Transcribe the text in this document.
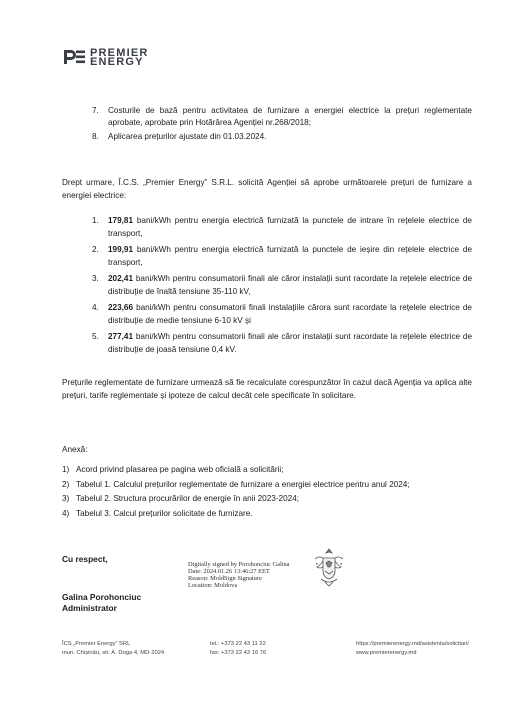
PREMIER
ENERGY
7. Costurile de bază pentru activitatea de furnizare a energiei electrice la prețuri reglementate aprobate, aprobate prin Hotărârea Agenției nr.268/2018;
8. Aplicarea prețurilor ajustate din 01.03.2024.
Drept urmare, Î.C.S. „Premier Energy” S.R.L. solicită Agenției să aprobe următoarele prețuri de furnizare a energiei electrice:
1. 179,81 bani/kWh pentru energia electrică furnizată la punctele de intrare în rețelele electrice de transport,
2. 199,91 bani/kWh pentru energia electrică furnizată la punctele de ieșire din rețelele electrice de transport,
3. 202,41 bani/kWh pentru consumatorii finali ale căror instalații sunt racordate la rețelele electrice de distribuție de înaltă tensiune 35-110 kV,
4. 223,66 bani/kWh pentru consumatorii finali instalațiile cărora sunt racordate la rețelele electrice de distribuție de medie tensiune 6-10 kV și
5. 277,41 bani/kWh pentru consumatorii finali ale căror instalații sunt racordate la rețelele electrice de distribuție de joasă tensiune 0,4 kV.
Prețurile reglementate de furnizare urmează să fie recalculate corespunzător în cazul dacă Agenția va aplica alte prețuri, tarife reglementate și ipoteze de calcul decât cele specificate în solicitare.
Anexă:
1) Acord privind plasarea pe pagina web oficială a solicitării;
2) Tabelul 1. Calculul prețurilor reglementate de furnizare a energiei electrice pentru anul 2024;
3) Tabelul 2. Structura procurărilor de energie în anii 2023-2024;
4) Tabelul 3. Calcul prețurilor solicitate de furnizare.
Cu respect,
Galina Porohonciuc
Administrator
Digitally signed by Porohonciuc Galina
Date: 2024.01.26 13:46:27 EET
Reason: MoldSign Signature
Location: Moldova
ÎCS „Premier Energy” SRL
mun. Chișinău, str. A. Doga 4, MD-2024
tel.: +373 22 43 11 22
fax: +373 22 43 16 76
https://premierenergy.md/asistenta/solicitari/
www.premierenergy.md
